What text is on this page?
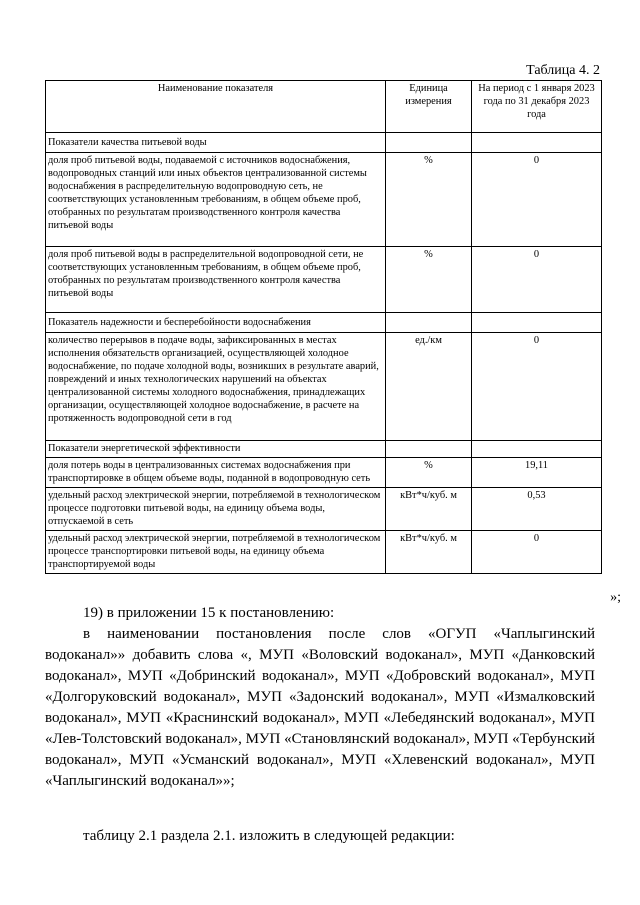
Таблица 4. 2
Наименование показателя	Единица измерения	На период с 1 января 2023 года по 31 декабря 2023 года
Показатели качества питьевой воды		
доля проб питьевой воды, подаваемой с источников водоснабжения, водопроводных станций или иных объектов централизованной системы водоснабжения в распределительную водопроводную сеть, не соответствующих установленным требованиям, в общем объеме проб, отобранных по результатам производственного контроля качества питьевой воды	%	0
доля проб питьевой воды в распределительной водопроводной сети, не соответствующих установленным требованиям, в общем объеме проб, отобранных по результатам производственного контроля качества питьевой воды	%	0
Показатель надежности и бесперебойности водоснабжения		
количество перерывов в подаче воды, зафиксированных в местах исполнения обязательств организацией, осуществляющей холодное водоснабжение, по подаче холодной воды, возникших в результате аварий, повреждений и иных технологических нарушений на объектах централизованной системы холодного водоснабжения, принадлежащих организации, осуществляющей холодное водоснабжение, в расчете на протяженность водопроводной сети в год	ед./км	0
Показатели энергетической эффективности		
доля потерь воды в централизованных системах водоснабжения при транспортировке в общем объеме воды, поданной в водопроводную сеть	%	19,11
удельный расход электрической энергии, потребляемой в технологическом процессе подготовки питьевой воды, на единицу объема воды, отпускаемой в сеть	кВт*ч/куб. м	0,53
удельный расход электрической энергии, потребляемой в технологическом процессе транспортировки питьевой воды, на единицу объема транспортируемой воды	кВт*ч/куб. м	0
»;
19) в приложении 15 к постановлению:
в наименовании постановления после слов «ОГУП «Чаплыгинский водоканал»» добавить слова «, МУП «Воловский водоканал», МУП «Данковский водоканал», МУП «Добринский водоканал», МУП «Добровский водоканал», МУП «Долгоруковский водоканал», МУП «Задонский водоканал», МУП «Измалковский водоканал», МУП «Краснинский водоканал», МУП «Лебедянский водоканал», МУП «Лев-Толстовский водоканал», МУП «Становлянский водоканал», МУП «Тербунский водоканал», МУП «Усманский водоканал», МУП «Хлевенский водоканал», МУП «Чаплыгинский водоканал»»;
таблицу 2.1 раздела 2.1. изложить в следующей редакции:
